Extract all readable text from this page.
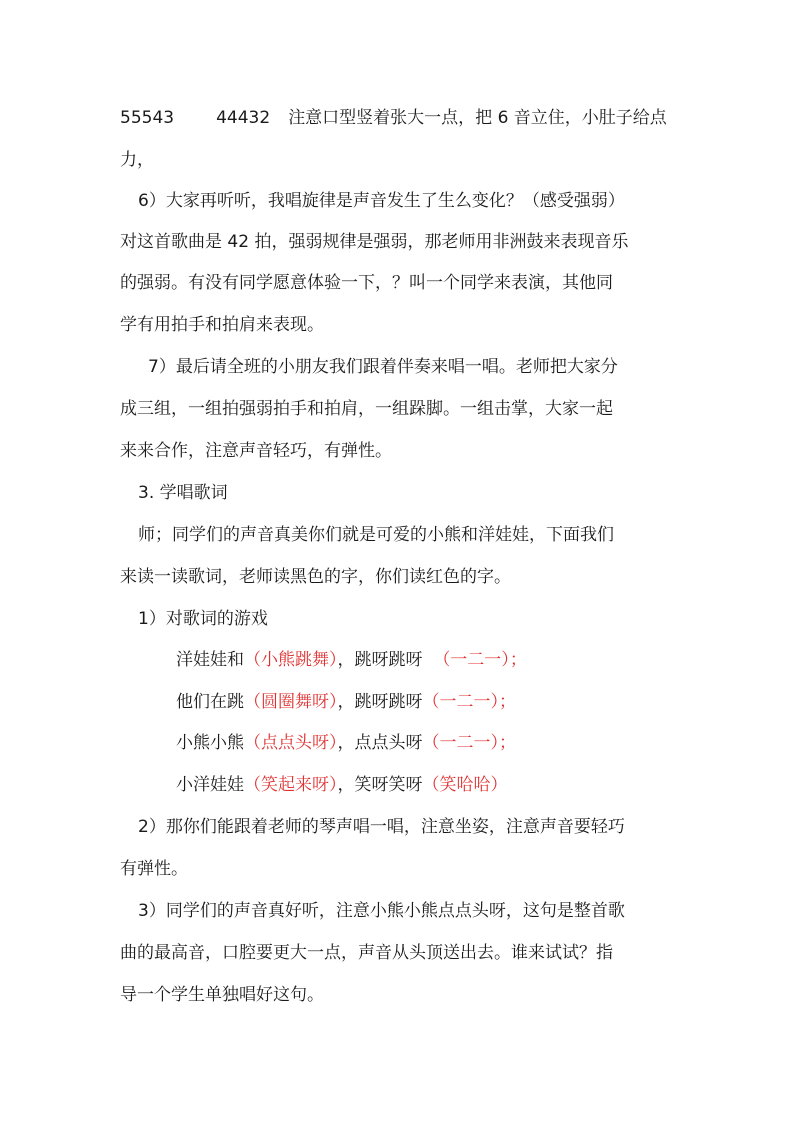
55543 44432 注意口型竖着张大一点，把 6 音立住，小肚子给点
力，
6）大家再听听，我唱旋律是声音发生了生么变化？（感受强弱）
对这首歌曲是 42 拍，强弱规律是强弱，那老师用非洲鼓来表现音乐
的强弱。有没有同学愿意体验一下，？叫一个同学来表演，其他同
学有用拍手和拍肩来表现。
7）最后请全班的小朋友我们跟着伴奏来唱一唱。老师把大家分
成三组，一组拍强弱拍手和拍肩，一组跺脚。一组击掌，大家一起
来来合作，注意声音轻巧，有弹性。
3. 学唱歌词
师；同学们的声音真美你们就是可爱的小熊和洋娃娃，下面我们
来读一读歌词，老师读黑色的字，你们读红色的字。
1）对歌词的游戏
洋娃娃和（小熊跳舞），跳呀跳呀  （一二一）；
他们在跳（圆圈舞呀），跳呀跳呀（一二一）；
小熊小熊（点点头呀），点点头呀（一二一）；
小洋娃娃（笑起来呀），笑呀笑呀（笑哈哈）
2）那你们能跟着老师的琴声唱一唱，注意坐姿，注意声音要轻巧
有弹性。
3）同学们的声音真好听，注意小熊小熊点点头呀，这句是整首歌
曲的最高音，口腔要更大一点，声音从头顶送出去。谁来试试？指
导一个学生单独唱好这句。
